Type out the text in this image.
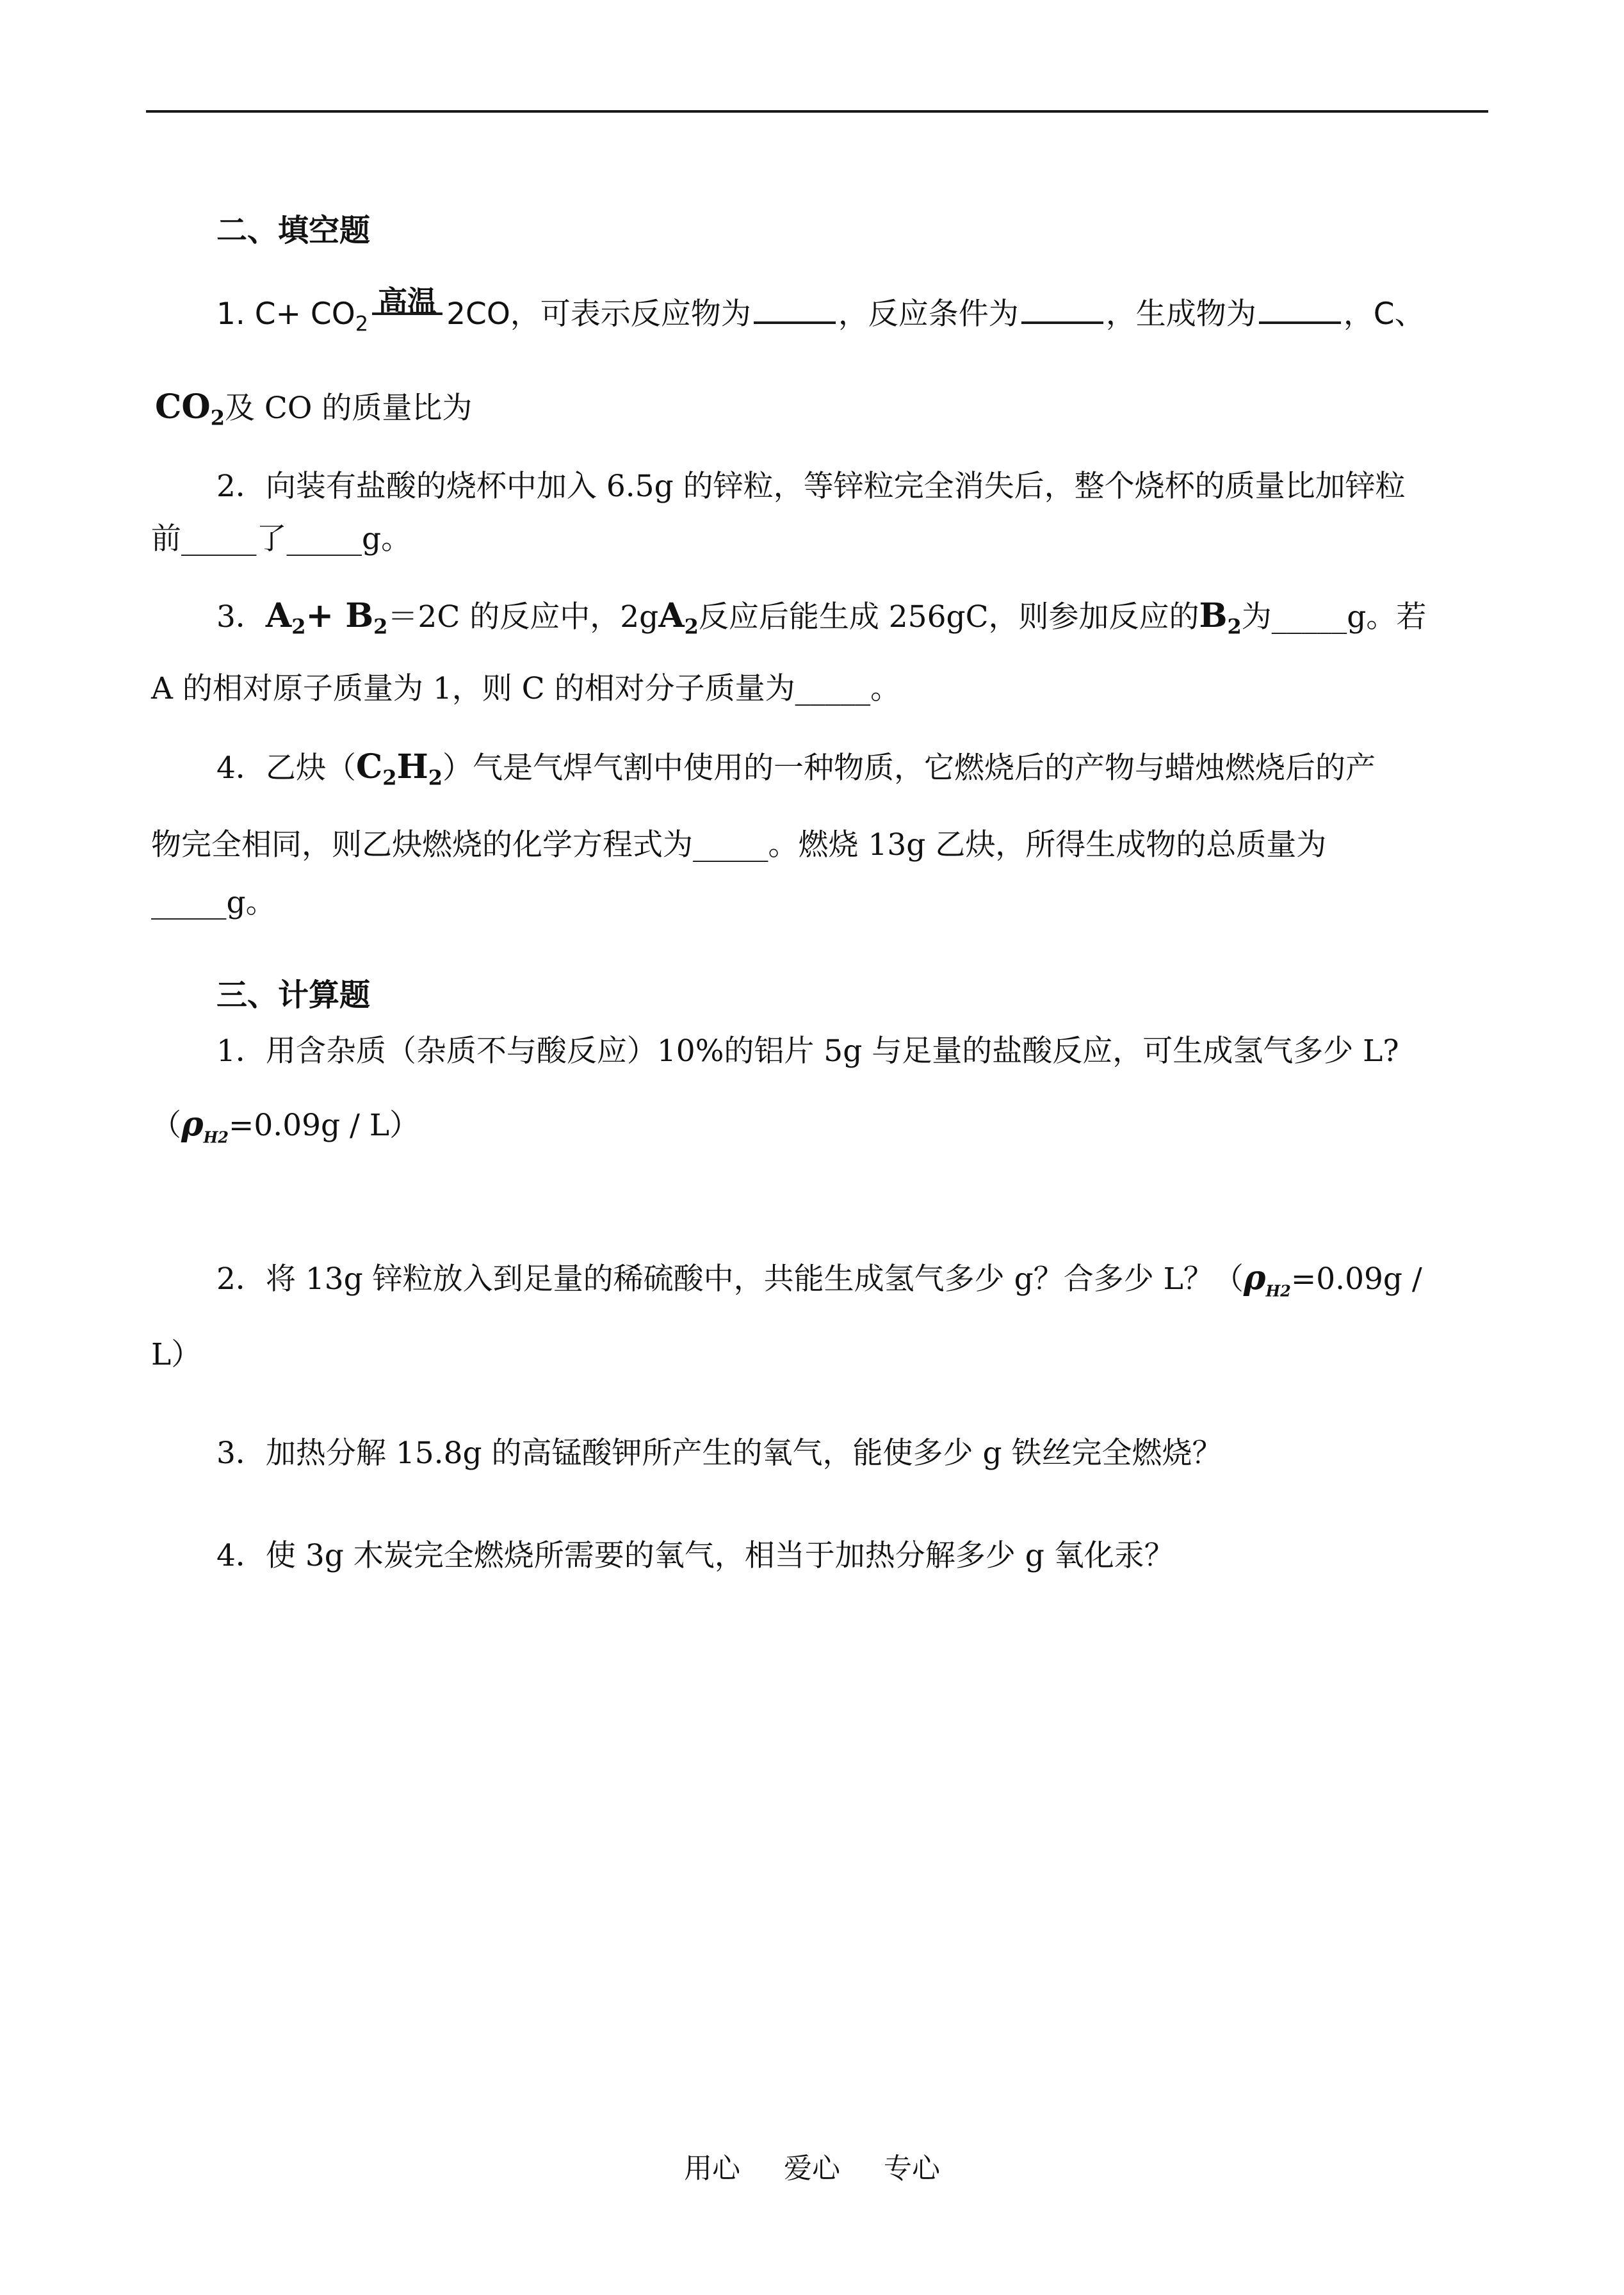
二、填空题
1. $C+ CO_2$
高温 2CO，可表示反应物为	，反应条件为	，生成物为	，C、
$CO_2$及 CO 的质量比为
2．向装有盐酸的烧杯中加入 6.5g 的锌粒，等锌粒完全消失后，整个烧杯的质量比加锌粒
前_____了_____g。
3．$A_2+ B_2=2C$ 的反应中，$2gA_2$反应后能生成 256gC，则参加反应的$B_2$为_____g。若
A 的相对原子质量为 1，则 C 的相对分子质量为_____。
4．乙炔$(C_2H_2)$气是气焊气割中使用的一种物质，它燃烧后的产物与蜡烛燃烧后的产
物完全相同，则乙炔燃烧的化学方程式为_____。燃烧 13g 乙炔，所得生成物的总质量为
_____g。
三、计算题
1．用含杂质（杂质不与酸反应）10%的铝片 5g 与足量的盐酸反应，可生成氢气多少 L?
$(\rho_{H2}=0.09g / L)$
2．将 13g 锌粒放入到足量的稀硫酸中，共能生成氢气多少 g？合多少 L？（$\rho_{H2}=0.09g$ /
L）
3．加热分解 15.8g 的高锰酸钾所产生的氧气，能使多少 g 铁丝完全燃烧？
4．使 3g 木炭完全燃烧所需要的氧气，相当于加热分解多少 g 氧化汞？
用心 爱心 专心
